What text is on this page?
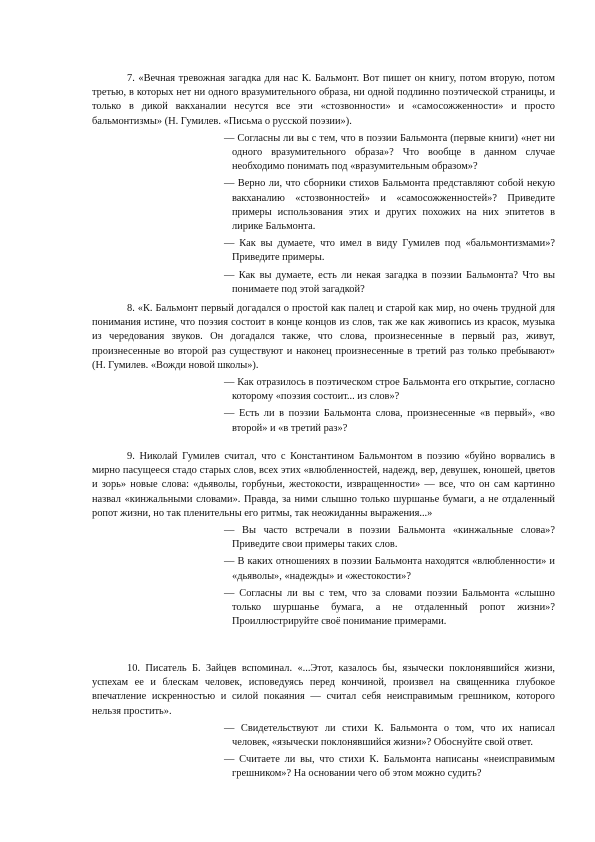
7. «Вечная тревожная загадка для нас К. Бальмонт. Вот пишет он книгу, потом вторую, потом третью, в которых нет ни одного вразумительного образа, ни одной подлинно поэтической страницы, и только в дикой вакханалии несутся все эти «стозвонности» и «самосожженности» и просто бальмонтизмы» (Н. Гумилев. «Письма о русской поэзии»).

— Согласны ли вы с тем, что в поэзии Бальмонта (первые книги) «нет ни одного вразумительного образа»? Что вообще в данном случае необходимо понимать под «вразумительным образом»?

— Верно ли, что сборники стихов Бальмонта представляют собой некую вакханалию «стозвонностей» и «самосожженностей»? Приведите примеры использования этих и других похожих на них эпитетов в лирике Бальмонта.

— Как вы думаете, что имел в виду Гумилев под «бальмонтизмами»? Приведите примеры.

— Как вы думаете, есть ли некая загадка в поэзии Бальмонта? Что вы понимаете под этой загадкой?

8. «К. Бальмонт первый догадался о простой как палец и старой как мир, но очень трудной для понимания истине, что поэзия состоит в конце концов из слов, так же как живопись из красок, музыка из чередования звуков. Он догадался также, что слова, произнесенные в первый раз, живут, произнесенные во второй раз существуют и наконец произнесенные в третий раз только пребывают» (Н. Гумилев. «Вожди новой школы»).

— Как отразилось в поэтическом строе Бальмонта его открытие, согласно которому «поэзия состоит... из слов»?

— Есть ли в поэзии Бальмонта слова, произнесенные «в первый», «во второй» и «в третий раз»?

9. Николай Гумилев считал, что с Константином Бальмонтом в поэзию «буйно ворвались в мирно пасущееся стадо старых слов, всех этих «влюбленностей, надежд, вер, девушек, юношей, цветов и зорь» новые слова: «дьяволы, горбуньи, жестокости, извращенности» — все, что он сам картинно назвал «кинжальными словами». Правда, за ними слышно только шуршанье бумаги, а не отдаленный ропот жизни, но так пленительны его ритмы, так неожиданны выражения...»

— Вы часто встречали в поэзии Бальмонта «кинжальные слова»? Приведите свои примеры таких слов.

— В каких отношениях в поэзии Бальмонта находятся «влюбленности» и «дьяволы», «надежды» и «жестокости»?

— Согласны ли вы с тем, что за словами поэзии Бальмонта «слышно только шуршанье бумага, а не отдаленный ропот жизни»? Проиллюстрируйте своё понимание примерами.

10. Писатель Б. Зайцев вспоминал. «...Этот, казалось бы, язычески поклонявшийся жизни, успехам ее и блескам человек, исповедуясь перед кончиной, произвел на священника глубокое впечатление искренностью и силой покаяния — считал себя неисправимым грешником, которого нельзя простить».

— Свидетельствуют ли стихи К. Бальмонта о том, что их написал человек, «язычески поклонявшийся жизни»? Обоснуйте свой ответ.

— Считаете ли вы, что стихи К. Бальмонта написаны «неисправимым грешником»? На основании чего об этом можно судить?
